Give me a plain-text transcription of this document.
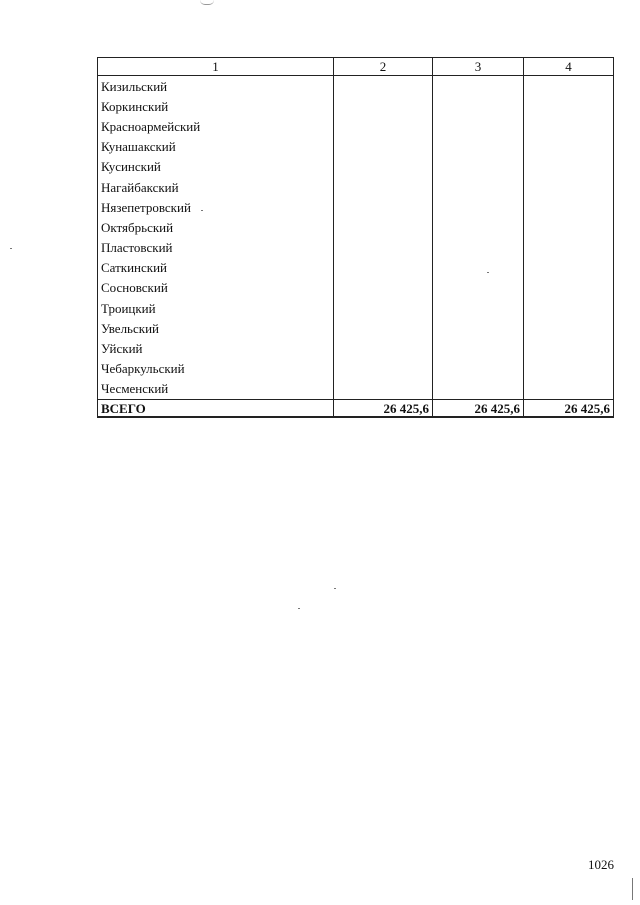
1	2	3	4
Кизильский			
Коркинский			
Красноармейский			
Кунашакский			
Кусинский			
Нагайбакский			
Нязепетровский			
Октябрьский			
Пластовский			
Саткинский			
Сосновский			
Троицкий			
Увельский			
Уйский			
Чебаркульский			
Чесменский			
ВСЕГО	26 425,6	26 425,6	26 425,6
1026
